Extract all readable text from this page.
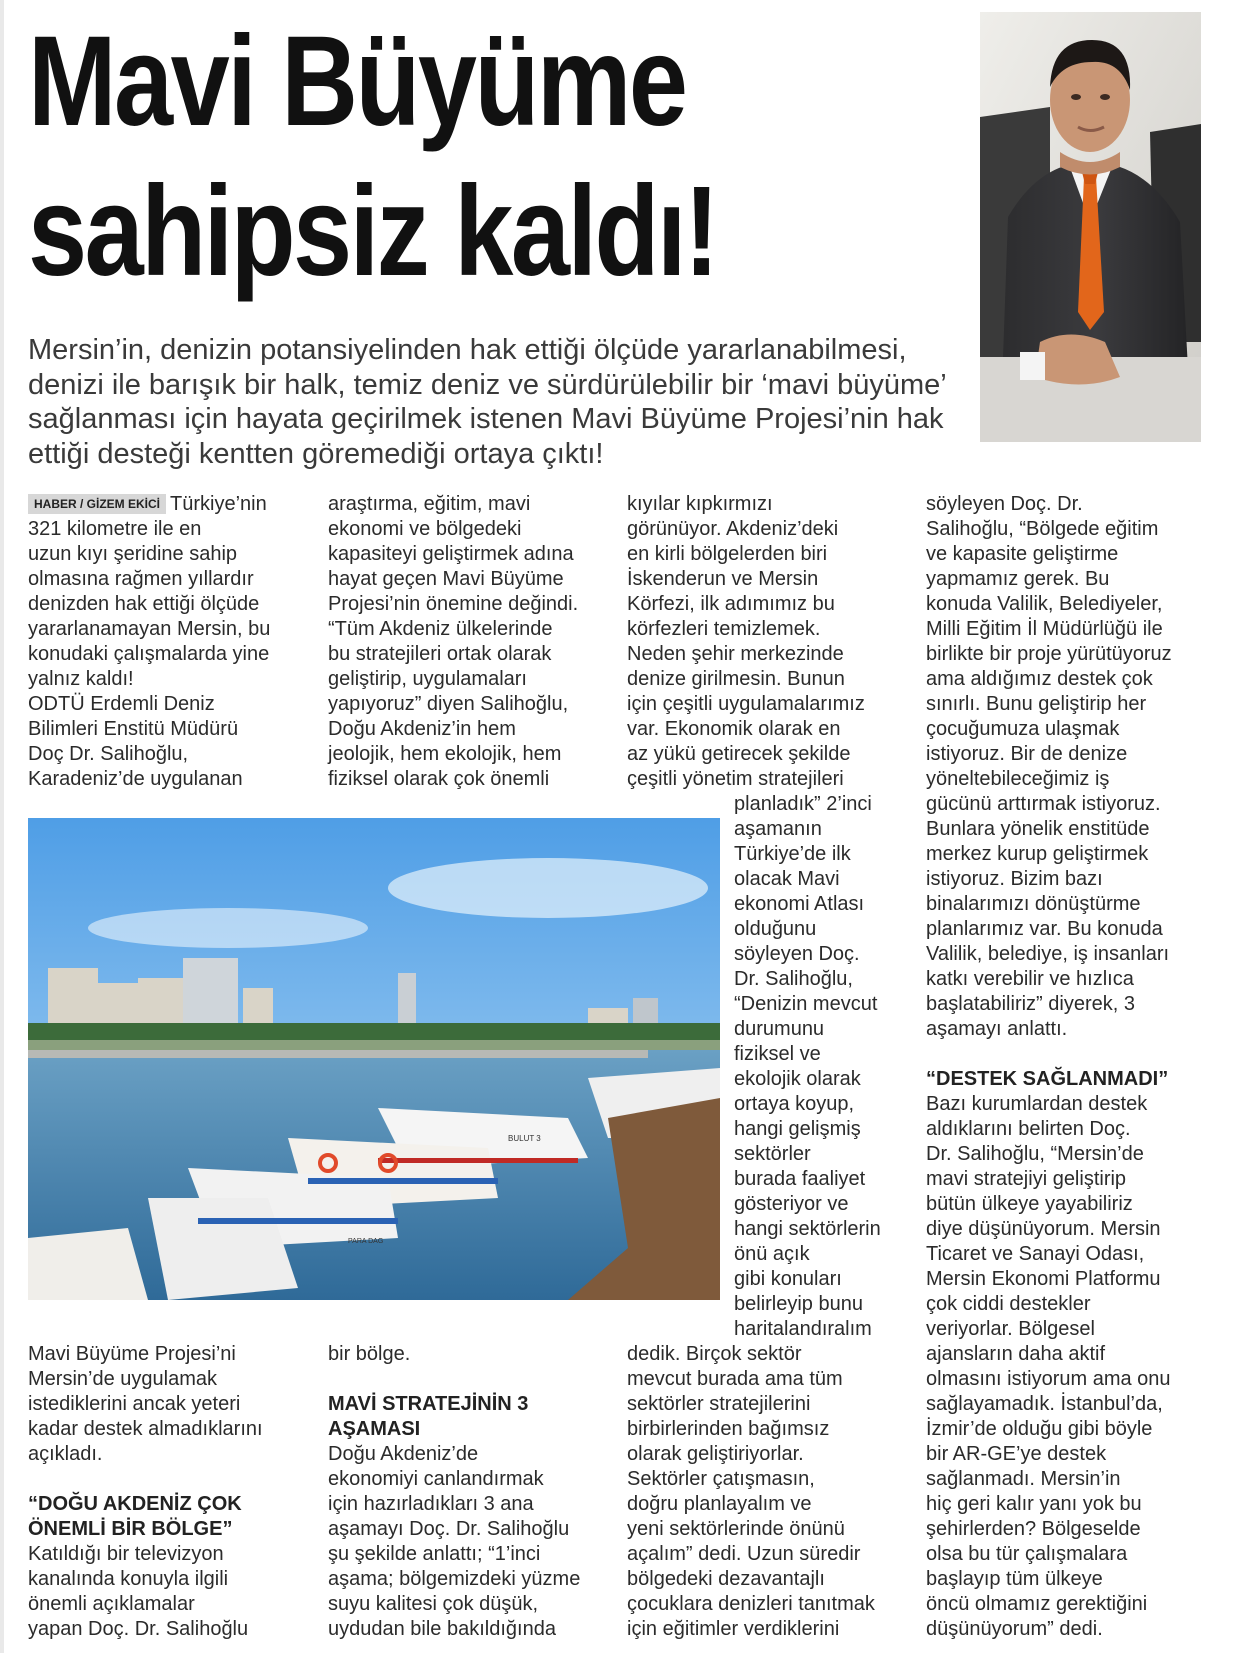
Mavi Büyüme
sahipsiz kaldı!

Mersin’in, denizin potansiyelinden hak ettiği ölçüde yararlanabilmesi, denizi ile barışık bir halk, temiz deniz ve sürdürülebilir bir ‘mavi büyüme’ sağlanması için hayata geçirilmek istenen Mavi Büyüme Projesi’nin hak ettiği desteği kentten göremediği ortaya çıktı!

HABER / GİZEM EKİCİ Türkiye’nin

321 kilometre ile en

uzun kıyı şeridine sahip

olmasına rağmen yıllardır

denizden hak ettiği ölçüde

yararlanamayan Mersin, bu

konudaki çalışmalarda yine

yalnız kaldı!

ODTÜ Erdemli Deniz

Bilimleri Enstitü Müdürü

Doç Dr. Salihoğlu,

Karadeniz’de uygulanan

araştırma, eğitim, mavi

ekonomi ve bölgedeki

kapasiteyi geliştirmek adına

hayat geçen Mavi Büyüme

Projesi’nin önemine değindi.

“Tüm Akdeniz ülkelerinde

bu stratejileri ortak olarak

geliştirip, uygulamaları

yapıyoruz” diyen Salihoğlu,

Doğu Akdeniz’in hem

jeolojik, hem ekolojik, hem

fiziksel olarak çok önemli

kıyılar kıpkırmızı

görünüyor. Akdeniz’deki

en kirli bölgelerden biri

İskenderun ve Mersin

Körfezi, ilk adımımız bu

körfezleri temizlemek.

Neden şehir merkezinde

denize girilmesin. Bunun

için çeşitli uygulamalarımız

var. Ekonomik olarak en

az yükü getirecek şekilde

çeşitli yönetim stratejileri

planladık” 2’inci

aşamanın

Türkiye’de ilk

olacak Mavi

ekonomi Atlası

olduğunu

söyleyen Doç.

Dr. Salihoğlu,

“Denizin mevcut

durumunu

fiziksel ve

ekolojik olarak

ortaya koyup,

hangi gelişmiş

sektörler

burada faaliyet

gösteriyor ve

hangi sektörlerin

önü açık

gibi konuları

belirleyip bunu

haritalandıralım

dedik. Birçok sektör

mevcut burada ama tüm

sektörler stratejilerini

birbirlerinden bağımsız

olarak geliştiriyorlar.

Sektörler çatışmasın,

doğru planlayalım ve

yeni sektörlerinde önünü

açalım” dedi. Uzun süredir

bölgedeki dezavantajlı

çocuklara denizleri tanıtmak

için eğitimler verdiklerini

söyleyen Doç. Dr.

Salihoğlu, “Bölgede eğitim

ve kapasite geliştirme

yapmamız gerek. Bu

konuda Valilik, Belediyeler,

Milli Eğitim İl Müdürlüğü ile

birlikte bir proje yürütüyoruz

ama aldığımız destek çok

sınırlı. Bunu geliştirip her

çocuğumuza ulaşmak

istiyoruz. Bir de denize

yöneltebileceğimiz iş

gücünü arttırmak istiyoruz.

Bunlara yönelik enstitüde

merkez kurup geliştirmek

istiyoruz. Bizim bazı

binalarımızı dönüştürme

planlarımız var. Bu konuda

Valilik, belediye, iş insanları

katkı verebilir ve hızlıca

başlatabiliriz” diyerek, 3

aşamayı anlattı.

“DESTEK SAĞLANMADI”

Bazı kurumlardan destek

aldıklarını belirten Doç.

Dr. Salihoğlu, “Mersin’de

mavi stratejiyi geliştirip

bütün ülkeye yayabiliriz

diye düşünüyorum. Mersin

Ticaret ve Sanayi Odası,

Mersin Ekonomi Platformu

çok ciddi destekler

veriyorlar. Bölgesel

ajansların daha aktif

olmasını istiyorum ama onu

sağlayamadık. İstanbul’da,

İzmir’de olduğu gibi böyle

bir AR-GE’ye destek

sağlanmadı. Mersin’in

hiç geri kalır yanı yok bu

şehirlerden? Bölgeselde

olsa bu tür çalışmalara

başlayıp tüm ülkeye

öncü olmamız gerektiğini

düşünüyorum” dedi.

Mavi Büyüme Projesi’ni

Mersin’de uygulamak

istediklerini ancak yeteri

kadar destek almadıklarını

açıkladı.

“DOĞU AKDENİZ ÇOK

ÖNEMLİ BİR BÖLGE”

Katıldığı bir televizyon

kanalında konuyla ilgili

önemli açıklamalar

yapan Doç. Dr. Salihoğlu

bir bölge.

MAVİ STRATEJİNİN 3

AŞAMASI

Doğu Akdeniz’de

ekonomiyi canlandırmak

için hazırladıkları 3 ana

aşamayı Doç. Dr. Salihoğlu

şu şekilde anlattı; “1’inci

aşama; bölgemizdeki yüzme

suyu kalitesi çok düşük,

uydudan bile bakıldığında

BULUT 3
PARA DAG
